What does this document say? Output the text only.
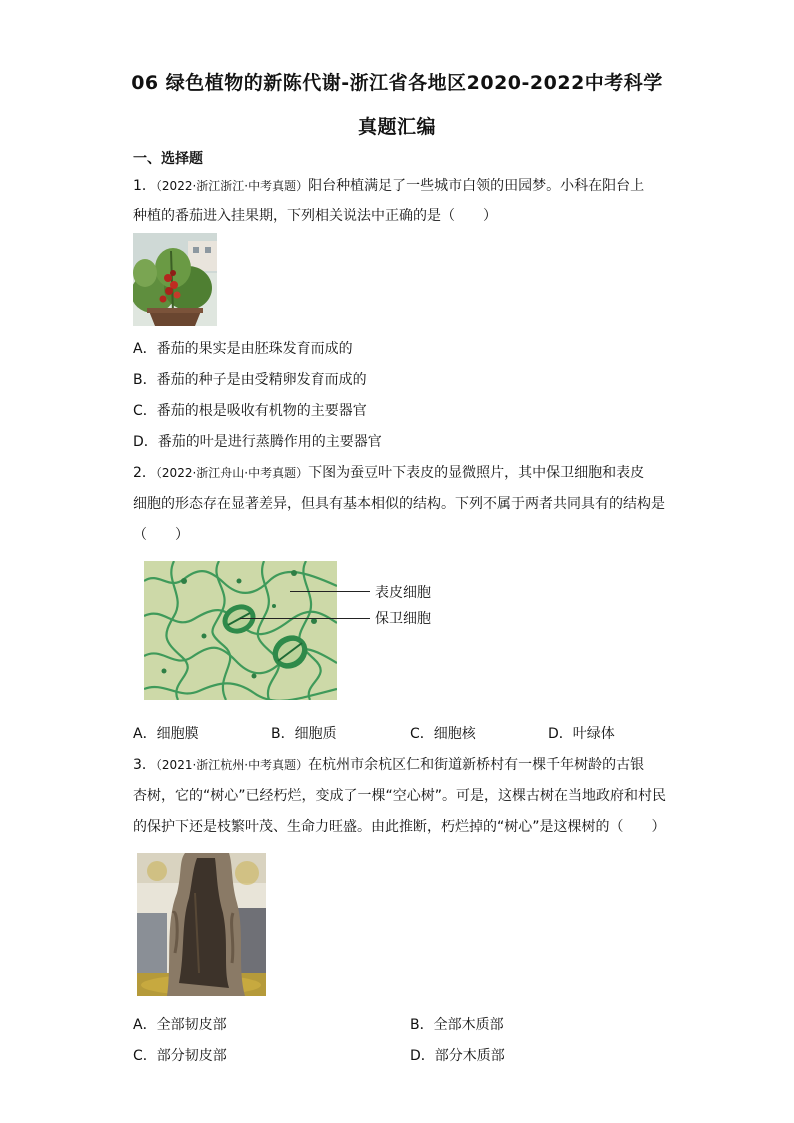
06 绿色植物的新陈代谢-浙江省各地区2020-2022中考科学
真题汇编
一、选择题
1．（2022·浙江浙江·中考真题）阳台种植满足了一些城市白领的田园梦。小科在阳台上
种植的番茄进入挂果期，下列相关说法中正确的是（　　）
A．番茄的果实是由胚珠发育而成的
B．番茄的种子是由受精卵发育而成的
C．番茄的根是吸收有机物的主要器官
D．番茄的叶是进行蒸腾作用的主要器官
2．（2022·浙江舟山·中考真题）下图为蚕豆叶下表皮的显微照片，其中保卫细胞和表皮
细胞的形态存在显著差异，但具有基本相似的结构。下列不属于两者共同具有的结构是
（　　）
表皮细胞
保卫细胞
A．细胞膜	B．细胞质	C．细胞核	D．叶绿体
3．（2021·浙江杭州·中考真题）在杭州市余杭区仁和街道新桥村有一棵千年树龄的古银
杏树，它的“树心”已经朽烂，变成了一棵“空心树”。可是，这棵古树在当地政府和村民
的保护下还是枝繁叶茂、生命力旺盛。由此推断，朽烂掉的“树心”是这棵树的（　　）
A．全部韧皮部	B．全部木质部
C．部分韧皮部	D．部分木质部
